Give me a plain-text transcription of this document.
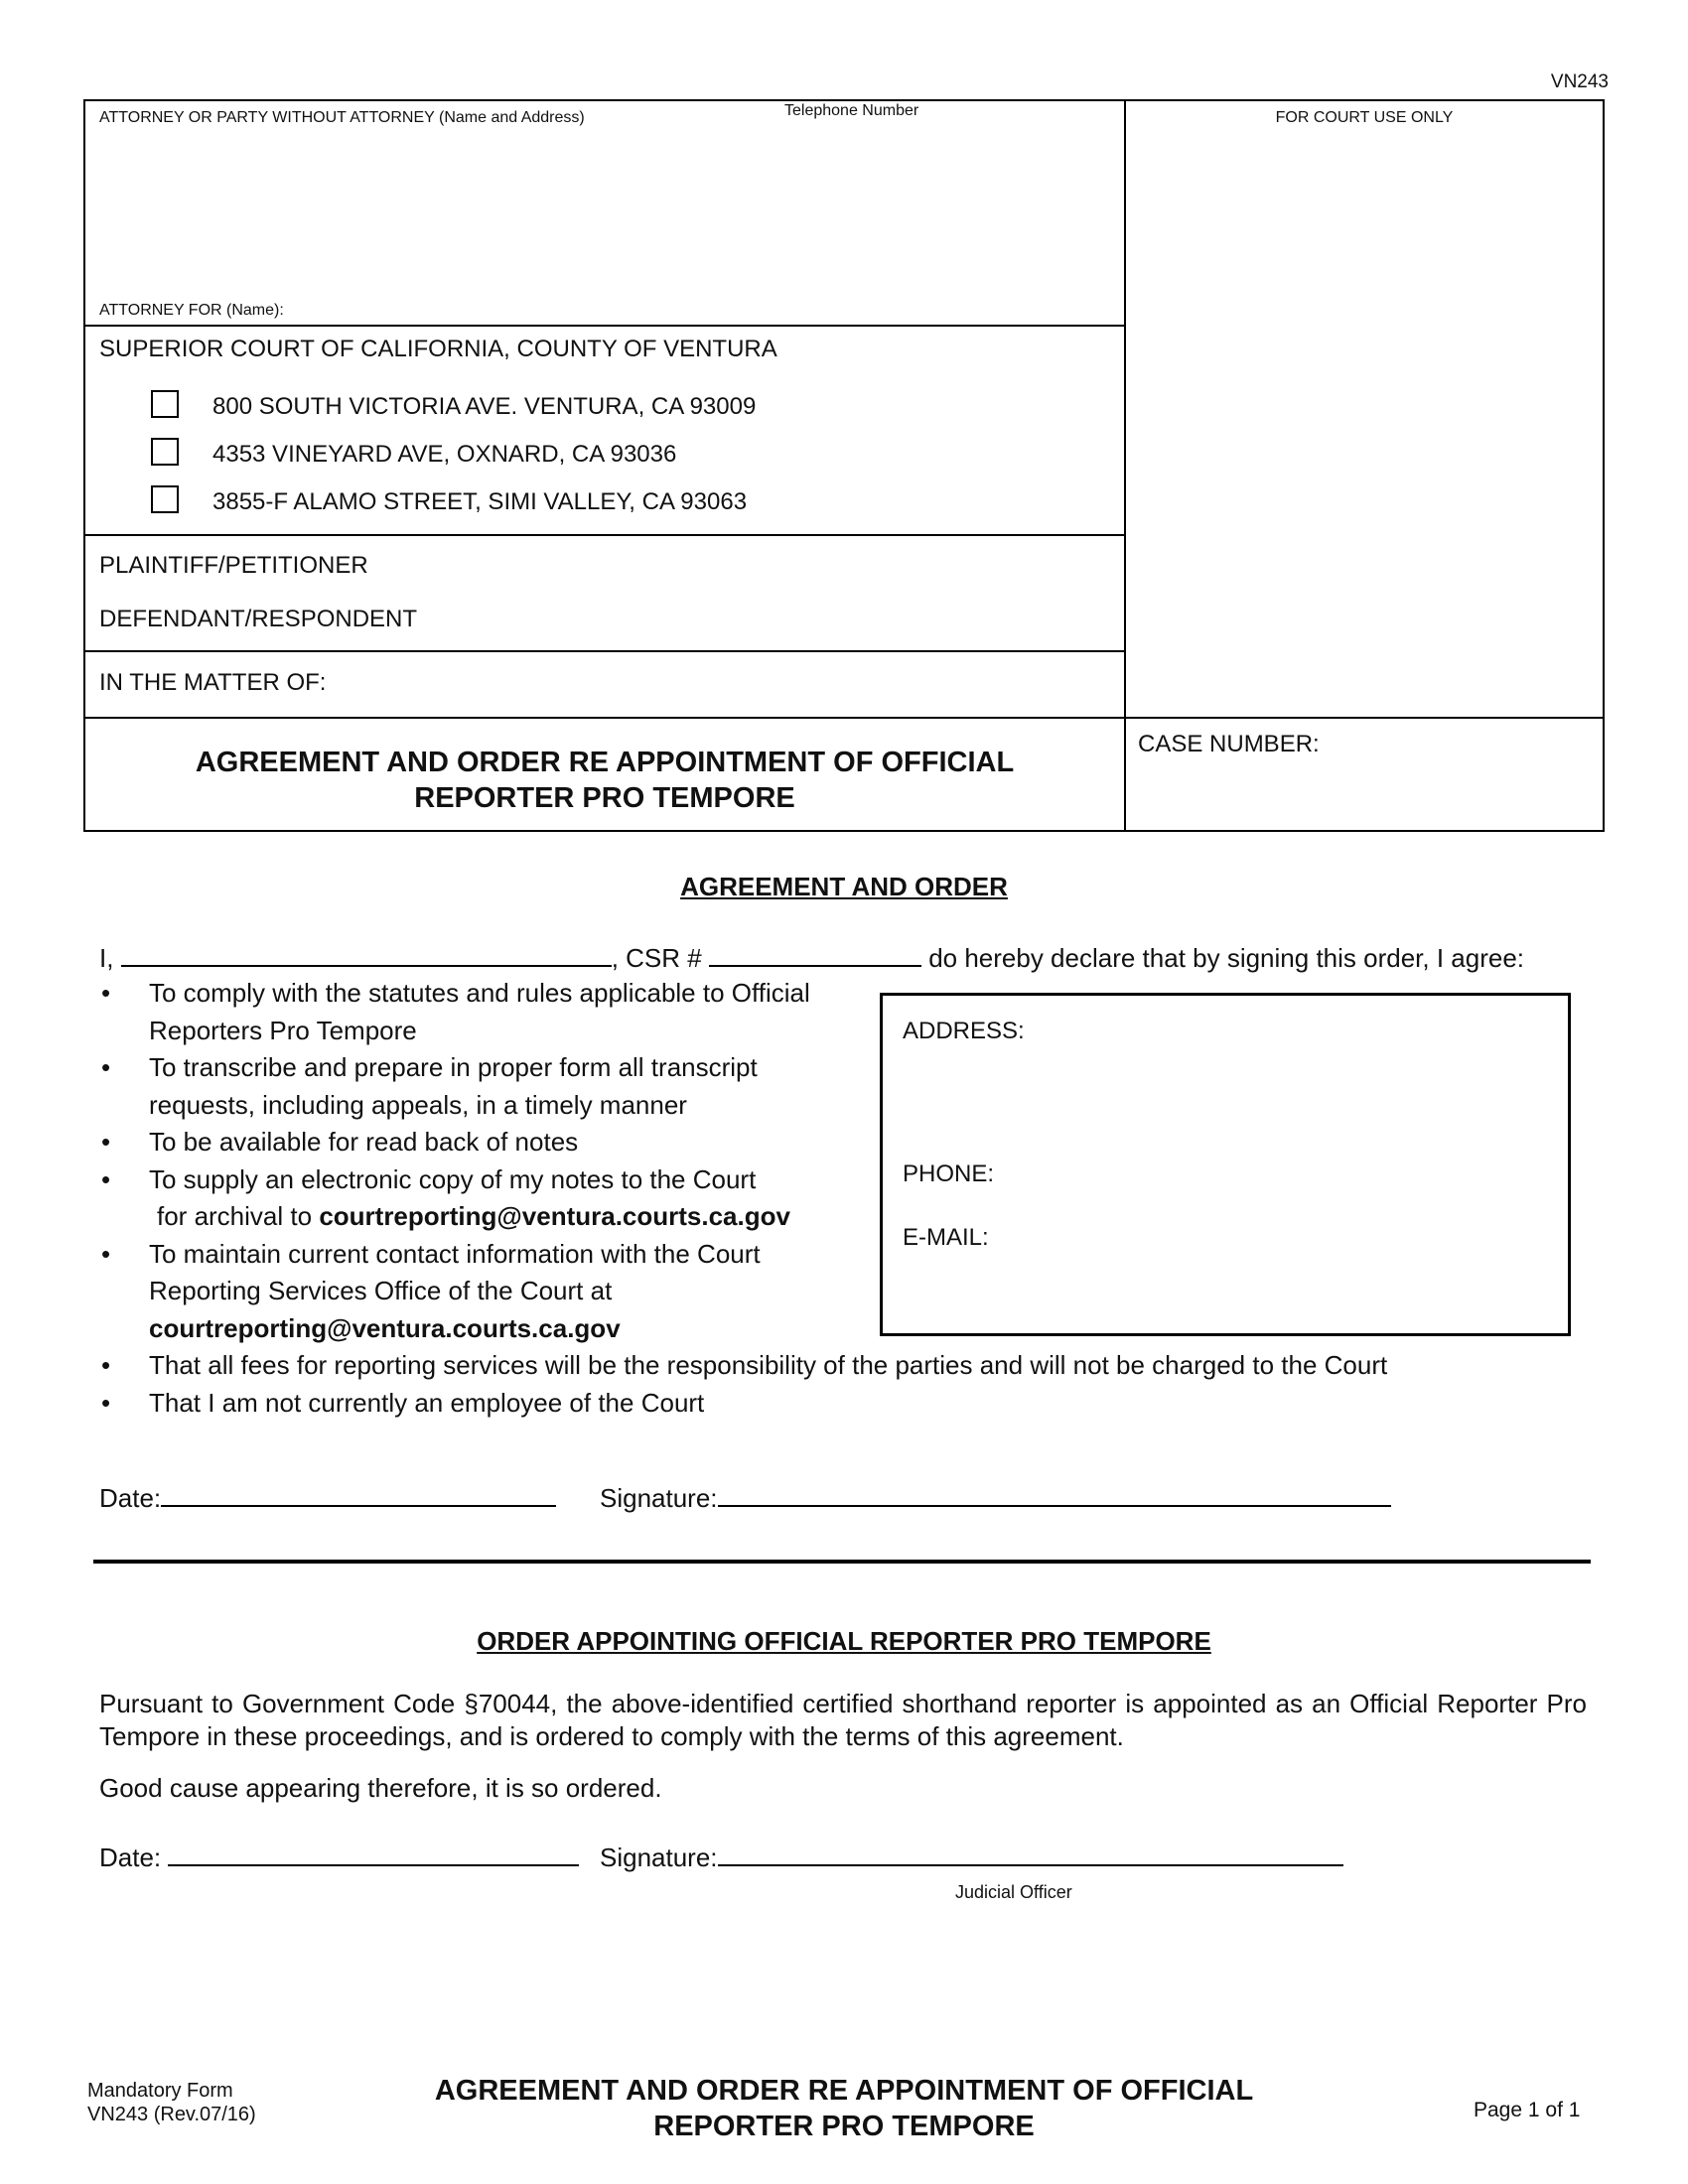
VN243
ATTORNEY OR PARTY WITHOUT ATTORNEY (Name and Address)	Telephone Number	FOR COURT USE ONLY
ATTORNEY FOR (Name):
SUPERIOR COURT OF CALIFORNIA, COUNTY OF VENTURA
800 SOUTH VICTORIA AVE. VENTURA, CA 93009
4353 VINEYARD AVE, OXNARD, CA 93036
3855-F ALAMO STREET, SIMI VALLEY, CA 93063
PLAINTIFF/PETITIONER
DEFENDANT/RESPONDENT
IN THE MATTER OF:
AGREEMENT AND ORDER RE APPOINTMENT OF OFFICIAL
REPORTER PRO TEMPORE
CASE NUMBER:
AGREEMENT AND ORDER
I,	, CSR #	do hereby declare that by signing this order, I agree:
• To comply with the statutes and rules applicable to Official
Reporters Pro Tempore
• To transcribe and prepare in proper form all transcript
requests, including appeals, in a timely manner
• To be available for read back of notes
• To supply an electronic copy of my notes to the Court
for archival to courtreporting@ventura.courts.ca.gov
• To maintain current contact information with the Court
Reporting Services Office of the Court at
courtreporting@ventura.courts.ca.gov
• That all fees for reporting services will be the responsibility of the parties and will not be charged to the Court
• That I am not currently an employee of the Court
ADDRESS:
PHONE:
E-MAIL:
Date:	Signature:
ORDER APPOINTING OFFICIAL REPORTER PRO TEMPORE
Pursuant to Government Code §70044, the above-identified certified shorthand reporter is appointed as an Official Reporter Pro Tempore in these proceedings, and is ordered to comply with the terms of this agreement.
Good cause appearing therefore, it is so ordered.
Date:	Signature:
Judicial Officer
Mandatory Form
VN243 (Rev.07/16)
AGREEMENT AND ORDER RE APPOINTMENT OF OFFICIAL
REPORTER PRO TEMPORE
Page 1 of 1
